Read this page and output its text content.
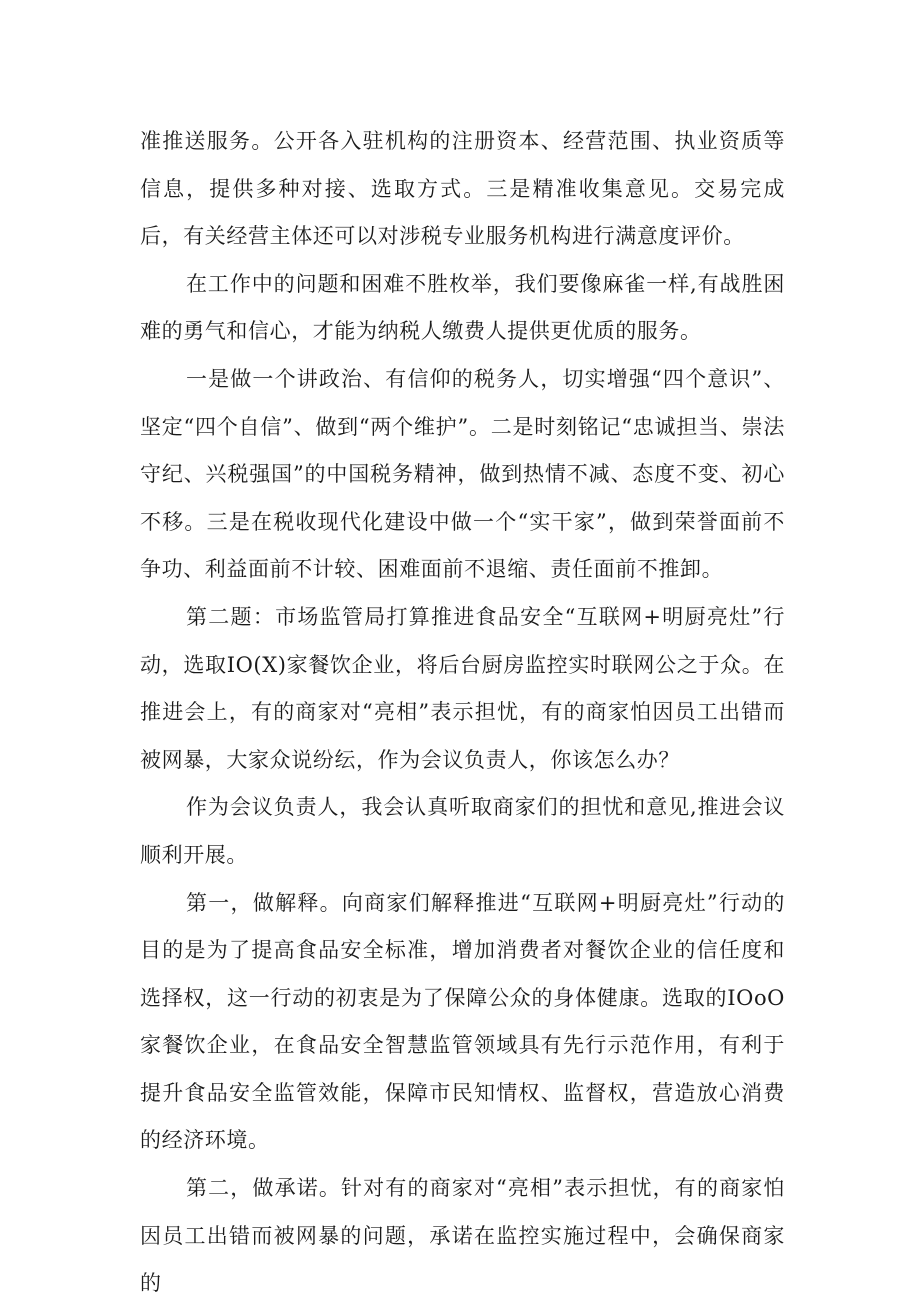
准推送服务。公开各入驻机构的注册资本、经营范围、执业资质等信息，提供多种对接、选取方式。三是精准收集意见。交易完成后，有关经营主体还可以对涉税专业服务机构进行满意度评价。

在工作中的问题和困难不胜枚举，我们要像麻雀一样,有战胜困难的勇气和信心，才能为纳税人缴费人提供更优质的服务。

一是做一个讲政治、有信仰的税务人，切实增强“四个意识”、坚定“四个自信”、做到“两个维护”。二是时刻铭记“忠诚担当、崇法守纪、兴税强国”的中国税务精神，做到热情不减、态度不变、初心不移。三是在税收现代化建设中做一个“实干家”，做到荣誉面前不争功、利益面前不计较、困难面前不退缩、责任面前不推卸。

第二题：市场监管局打算推进食品安全“互联网+明厨亮灶”行动，选取IO(X)家餐饮企业，将后台厨房监控实时联网公之于众。在推进会上，有的商家对“亮相”表示担忧，有的商家怕因员工出错而被网暴，大家众说纷纭，作为会议负责人，你该怎么办？

作为会议负责人，我会认真听取商家们的担忧和意见,推进会议顺利开展。

第一，做解释。向商家们解释推进“互联网+明厨亮灶”行动的目的是为了提高食品安全标准，增加消费者对餐饮企业的信任度和选择权，这一行动的初衷是为了保障公众的身体健康。选取的IOoO家餐饮企业，在食品安全智慧监管领域具有先行示范作用，有利于提升食品安全监管效能，保障市民知情权、监督权，营造放心消费的经济环境。

第二，做承诺。针对有的商家对“亮相”表示担忧，有的商家怕因员工出错而被网暴的问题，承诺在监控实施过程中，会确保商家的
